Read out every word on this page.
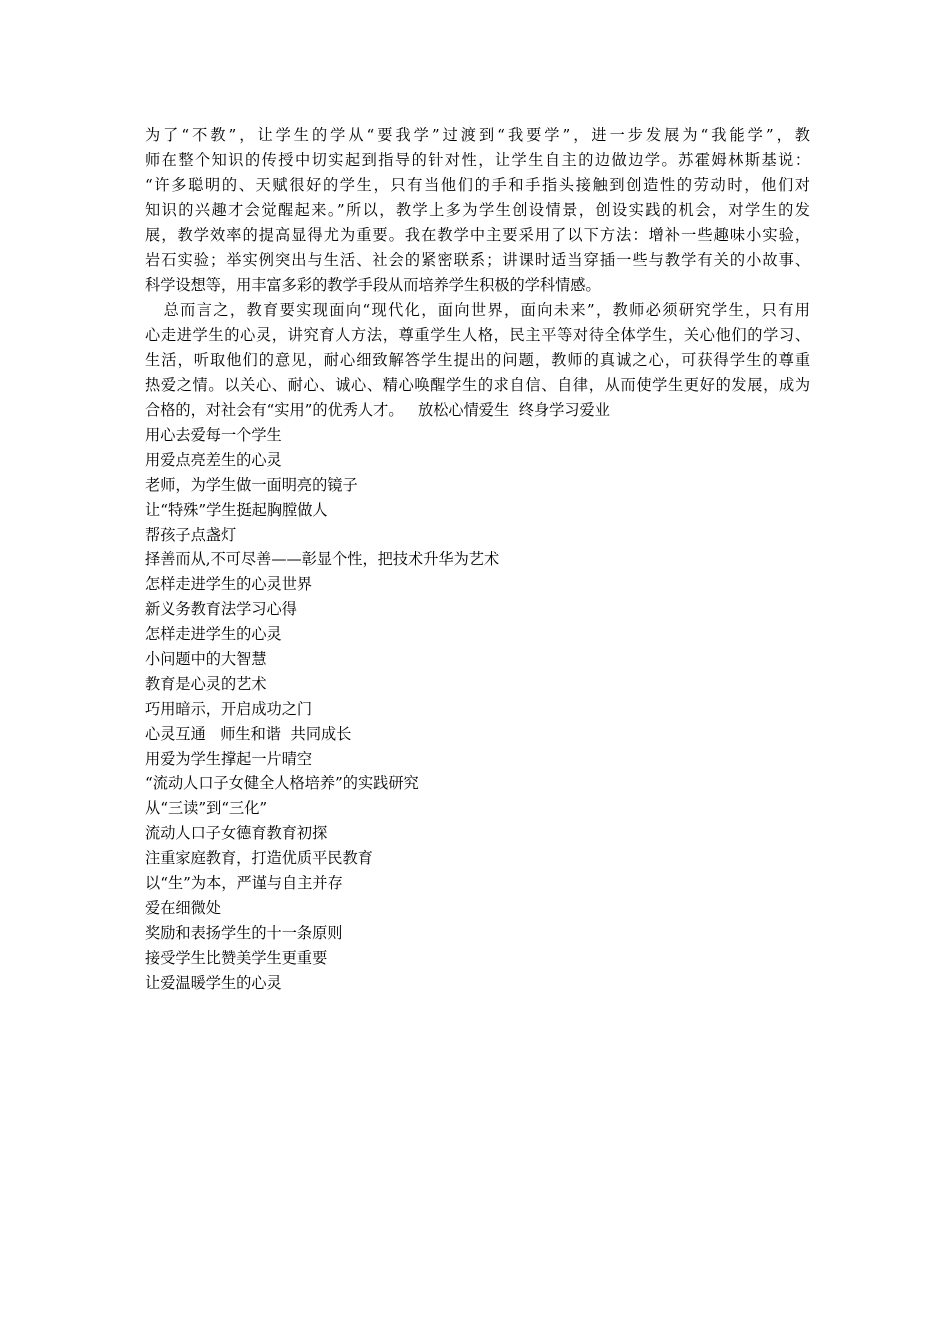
为了“不教”，让学生的学从“要我学”过渡到“我要学”，进一步发展为“我能学”，教
师在整个知识的传授中切实起到指导的针对性，让学生自主的边做边学。苏霍姆林斯基说：
“许多聪明的、天赋很好的学生，只有当他们的手和手指头接触到创造性的劳动时，他们对
知识的兴趣才会觉醒起来。”所以，教学上多为学生创设情景，创设实践的机会，对学生的发
展，教学效率的提高显得尤为重要。我在教学中主要采用了以下方法：增补一些趣味小实验，
岩石实验；举实例突出与生活、社会的紧密联系；讲课时适当穿插一些与教学有关的小故事、
科学设想等，用丰富多彩的教学手段从而培养学生积极的学科情感。
总而言之，教育要实现面向“现代化，面向世界，面向未来”，教师必须研究学生，只有用
心走进学生的心灵，讲究育人方法，尊重学生人格，民主平等对待全体学生，关心他们的学习、
生活，听取他们的意见，耐心细致解答学生提出的问题，教师的真诚之心，可获得学生的尊重
热爱之情。以关心、耐心、诚心、精心唤醒学生的求自信、自律，从而使学生更好的发展，成为
合格的，对社会有“实用”的优秀人才。   放松心情爱生  终身学习爱业
用心去爱每一个学生
用爱点亮差生的心灵
老师，为学生做一面明亮的镜子
让“特殊”学生挺起胸膛做人
帮孩子点盏灯
择善而从,不可尽善——彰显个性，把技术升华为艺术
怎样走进学生的心灵世界
新义务教育法学习心得
怎样走进学生的心灵
小问题中的大智慧
教育是心灵的艺术
巧用暗示，开启成功之门
心灵互通   师生和谐  共同成长
用爱为学生撑起一片晴空
“流动人口子女健全人格培养”的实践研究
从“三读”到“三化”
流动人口子女德育教育初探
注重家庭教育，打造优质平民教育
以“生”为本，严谨与自主并存
爱在细微处
奖励和表扬学生的十一条原则
接受学生比赞美学生更重要
让爱温暖学生的心灵
